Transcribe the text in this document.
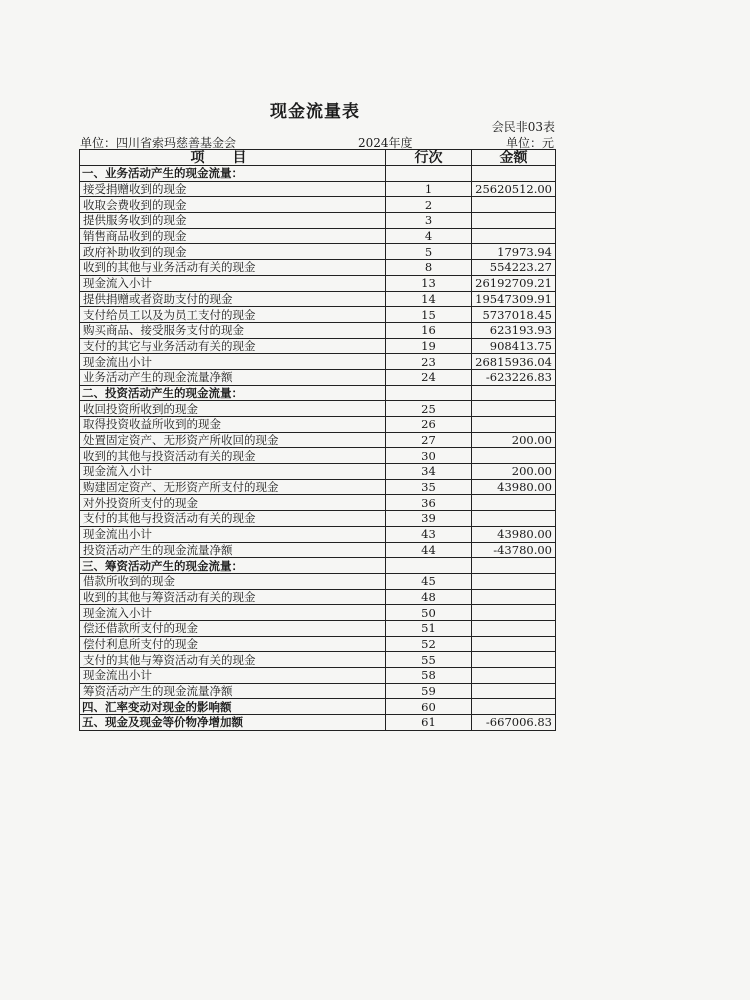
现金流量表
会民非03表
单位：四川省索玛慈善基金会	2024年度	单位：元
项目	行次	金额
一、业务活动产生的现金流量：		
接受捐赠收到的现金	1	25620512.00
收取会费收到的现金	2	
提供服务收到的现金	3	
销售商品收到的现金	4	
政府补助收到的现金	5	17973.94
收到的其他与业务活动有关的现金	8	554223.27
现金流入小计	13	26192709.21
提供捐赠或者资助支付的现金	14	19547309.91
支付给员工以及为员工支付的现金	15	5737018.45
购买商品、接受服务支付的现金	16	623193.93
支付的其它与业务活动有关的现金	19	908413.75
现金流出小计	23	26815936.04
业务活动产生的现金流量净额	24	-623226.83
二、投资活动产生的现金流量：		
收回投资所收到的现金	25	
取得投资收益所收到的现金	26	
处置固定资产、无形资产所收回的现金	27	200.00
收到的其他与投资活动有关的现金	30	
现金流入小计	34	200.00
购建固定资产、无形资产所支付的现金	35	43980.00
对外投资所支付的现金	36	
支付的其他与投资活动有关的现金	39	
现金流出小计	43	43980.00
投资活动产生的现金流量净额	44	-43780.00
三、筹资活动产生的现金流量：		
借款所收到的现金	45	
收到的其他与筹资活动有关的现金	48	
现金流入小计	50	
偿还借款所支付的现金	51	
偿付利息所支付的现金	52	
支付的其他与筹资活动有关的现金	55	
现金流出小计	58	
筹资活动产生的现金流量净额	59	
四、汇率变动对现金的影响额	60	
五、现金及现金等价物净增加额	61	-667006.83
